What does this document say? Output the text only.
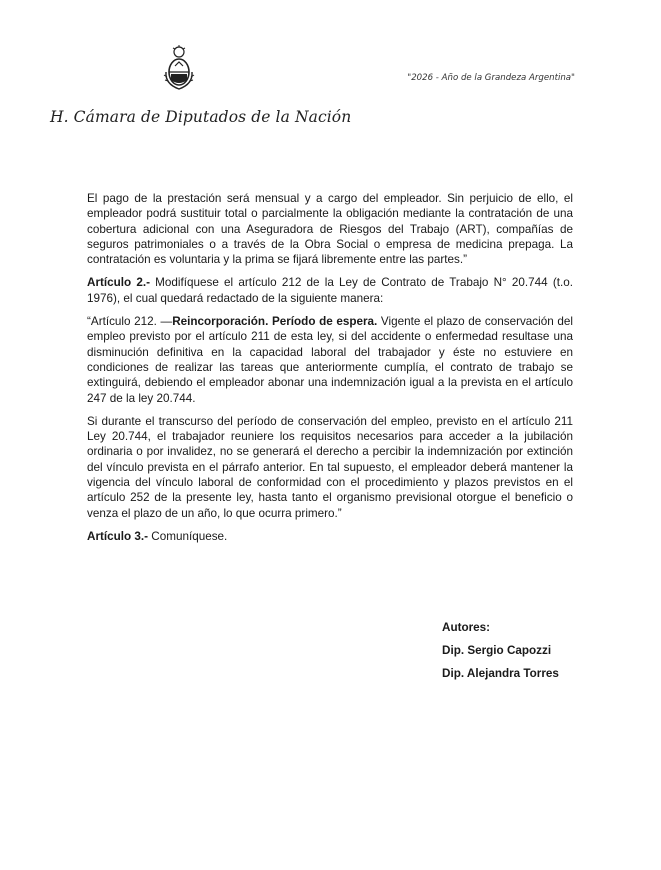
"2026 - Año de la Grandeza Argentina"
H. Cámara de Diputados de la Nación

El pago de la prestación será mensual y a cargo del empleador. Sin perjuicio de ello, el empleador podrá sustituir total o parcialmente la obligación mediante la contratación de una cobertura adicional con una Aseguradora de Riesgos del Trabajo (ART), compañías de seguros patrimoniales o a través de la Obra Social o empresa de medicina prepaga. La contratación es voluntaria y la prima se fijará libremente entre las partes.”

Artículo 2.- Modifíquese el artículo 212 de la Ley de Contrato de Trabajo N° 20.744 (t.o. 1976), el cual quedará redactado de la siguiente manera:

“Artículo 212. —Reincorporación. Período de espera. Vigente el plazo de conservación del empleo previsto por el artículo 211 de esta ley, si del accidente o enfermedad resultase una disminución definitiva en la capacidad laboral del trabajador y éste no estuviere en condiciones de realizar las tareas que anteriormente cumplía, el contrato de trabajo se extinguirá, debiendo el empleador abonar una indemnización igual a la prevista en el artículo 247 de la ley 20.744.

Si durante el transcurso del período de conservación del empleo, previsto en el artículo 211 Ley 20.744, el trabajador reuniere los requisitos necesarios para acceder a la jubilación ordinaria o por invalidez, no se generará el derecho a percibir la indemnización por extinción del vínculo prevista en el párrafo anterior. En tal supuesto, el empleador deberá mantener la vigencia del vínculo laboral de conformidad con el procedimiento y plazos previstos en el artículo 252 de la presente ley, hasta tanto el organismo previsional otorgue el beneficio o venza el plazo de un año, lo que ocurra primero.”

Artículo 3.- Comuníquese.

Autores:
Dip. Sergio Capozzi
Dip. Alejandra Torres
